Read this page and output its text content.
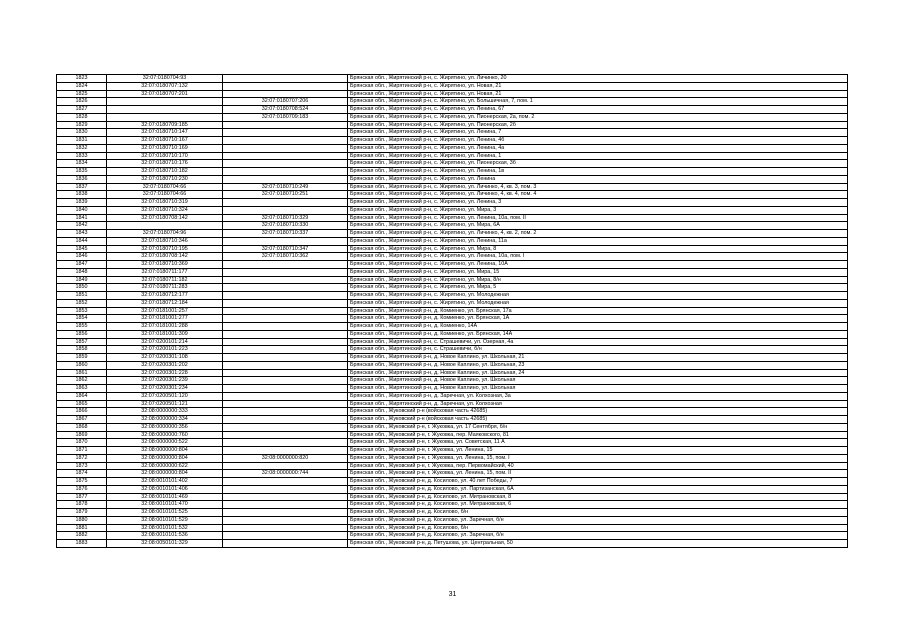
1823	32:07:0180704:93		Брянская обл., Жирятинский р-н, с. Жирятино, ул. Личинко, 20
1824	32:07:0180707:132		Брянская обл., Жирятинский р-н, с. Жирятино, ул. Новая, 21
1825	32:07:0180707:201		Брянская обл., Жирятинский р-н, с. Жирятино, ул. Новая, 21
1826		32:07:0180707:206	Брянская обл., Жирятинский р-н, с. Жирятино, ул. Большичная, 7, пом. 1
1827		32:07:0180708:524	Брянская обл., Жирятинский р-н, с. Жирятино, ул. Ленина, 67
1828		32:07:0180709:183	Брянская обл., Жирятинский р-н, с. Жирятино, ул. Пионерская, 2а, пом. 2
1829	32:07:0180709:185		Брянская обл., Жирятинский р-н, с. Жирятино, ул. Пионерская, 2б
1830	32:07:0180710:147		Брянская обл., Жирятинский р-н, с. Жирятино, ул. Ленина, 7
1831	32:07:0180710:167		Брянская обл., Жирятинский р-н, с. Жирятино, ул. Ленина, 4б
1832	32:07:0180710:169		Брянская обл., Жирятинский р-н, с. Жирятино, ул. Ленина, 4а
1833	32:07:0180710:170		Брянская обл., Жирятинский р-н, с. Жирятино, ул. Ленина, 1
1834	32:07:0180710:176		Брянская обл., Жирятинский р-н, с. Жирятино, ул. Пионерская, 3б
1835	32:07:0180710:182		Брянская обл., Жирятинский р-н, с. Жирятино, ул. Ленина, 1в
1836	32:07:0180710:230		Брянская обл., Жирятинский р-н, с. Жирятино, ул. Ленина
1837	32:07:0180704:66	32:07:0180710:249	Брянская обл., Жирятинский р-н, с. Жирятино, ул. Личинко, 4, кв. 3, пом. 3
1838	32:07:0180704:66	32:07:0180710:251	Брянская обл., Жирятинский р-н, с. Жирятино, ул. Личинко, 4, кв. 4, пом. 4
1839	32:07:0180710:319		Брянская обл., Жирятинский р-н, с. Жирятино, ул. Ленина, 3
1840	32:07:0180710:324		Брянская обл., Жирятинский р-н, с. Жирятино, ул. Мира, 3
1841	32:07:0180708:142	32:07:0180710:329	Брянская обл., Жирятинский р-н, с. Жирятино, ул. Ленина, 10а, пом. II
1842		32:07:0180710:330	Брянская обл., Жирятинский р-н, с. Жирятино, ул. Мира, 6А
1843	32:07:0180704:96	32:07:0180710:337	Брянская обл., Жирятинский р-н, с. Жирятино, ул. Личинко, 4, кв. 2, пом. 2
1844	32:07:0180710:346		Брянская обл., Жирятинский р-н, с. Жирятино, ул. Ленина, 11а
1845	32:07:0180710:195	32:07:0180710:347	Брянская обл., Жирятинский р-н, с. Жирятино, ул. Мира, 8
1846	32:07:0180708:142	32:07:0180710:362	Брянская обл., Жирятинский р-н, с. Жирятино, ул. Ленина, 10а, пом. I
1847	32:07:0180710:369		Брянская обл., Жирятинский р-н, с. Жирятино, ул. Ленина, 10А
1848	32:07:0180711:177		Брянская обл., Жирятинский р-н, с. Жирятино, ул. Мира, 15
1849	32:07:0180711:182		Брянская обл., Жирятинский р-н, с. Жирятино, ул. Мира, 8/н
1850	32:07:0180711:283		Брянская обл., Жирятинский р-н, с. Жирятино, ул. Мира, 5
1851	32:07:0180712:177		Брянская обл., Жирятинский р-н, с. Жирятино, ул. Молодежная
1852	32:07:0180712:184		Брянская обл., Жирятинский р-н, с. Жирятино, ул. Молодежная
1853	32:07:0181001:257		Брянская обл., Жирятинский р-н, д. Комиенко, ул. Брянская, 17а
1854	32:07:0181001:277		Брянская обл., Жирятинский р-н, д. Комиенко, ул. Брянская, 1А
1855	32:07:0181001:288		Брянская обл., Жирятинский р-н, д. Комиенко, 14А
1856	32:07:0181001:309		Брянская обл., Жирятинский р-н, д. Комиенко, ул. Брянская, 14А
1857	32:07:0200101:214		Брянская обл., Жирятинский р-н, с. Страшевичи, ул. Озерная, 4а
1858	32:07:0200101:223		Брянская обл., Жирятинский р-н, с. Страшевичи, б/н
1859	32:07:0200301:108		Брянская обл., Жирятинский р-н, д. Новое Каплино, ул. Школьная, 21
1860	32:07:0200301:202		Брянская обл., Жирятинский р-н, д. Новое Каплино, ул. Школьная, 23
1861	32:07:0200301:228		Брянская обл., Жирятинский р-н, д. Новое Каплино, ул. Школьная, 24
1862	32:07:0200301:239		Брянская обл., Жирятинский р-н, д. Новое Каплино, ул. Школьная
1863	32:07:0200301:234		Брянская обл., Жирятинский р-н, д. Новое Каплино, ул. Школьная
1864	32:07:0200501:120		Брянская обл., Жирятинский р-н, д. Заречная, ул. Колхозная, 3а
1865	32:07:0200501:121		Брянская обл., Жирятинский р-н, д. Заречная, ул. Колхозная
1866	32:08:0000000:333		Брянская обл., Жуковский р-н (войсковая часть 42685)
1867	32:08:0000000:334		Брянская обл., Жуковский р-н (войсковая часть 42685)
1868	32:08:0000000:356		Брянская обл., Жуковский р-н, г. Жуковка, ул. 17 Сентября, б/н
1869	32:08:0000000:760		Брянская обл., Жуковский р-н, г. Жуковка, пер. Маяковского, 81
1870	32:08:0000000:522		Брянская обл., Жуковский р-н, г. Жуковка, ул. Советская, 11 А
1871	32:08:0000000:804		Брянская обл., Жуковский р-н, г. Жуковка, ул. Ленина, 15
1872	32:08:0000000:804	32:08:0000000:820	Брянская обл., Жуковский р-н, г. Жуковка, ул. Ленина, 15, пом. I
1873	32:08:0000000:622		Брянская обл., Жуковский р-н, г. Жуковка, пер. Первомайский, 40
1874	32:08:0000000:804	32:08:0000000:744	Брянская обл., Жуковский р-н, г. Жуковка, ул. Ленина, 15, пом. II
1875	32:08:0010101:402		Брянская обл., Жуковский р-н, д. Косилово, ул. 40 лет Победы, 7
1876	32:08:0010101:406		Брянская обл., Жуковский р-н, д. Косилово, ул. Партизанская, 6А
1877	32:08:0010101:469		Брянская обл., Жуковский р-н, д. Косилово, ул. Митрановская, 8
1878	32:08:0010101:470		Брянская обл., Жуковский р-н, д. Косилово, ул. Митрановская, 6
1879	32:08:0010101:525		Брянская обл., Жуковский р-н, д. Косилово, б/н
1880	32:08:0010101:529		Брянская обл., Жуковский р-н, д. Косилово, ул. Заречная, б/н
1881	32:08:0010101:532		Брянская обл., Жуковский р-н, д. Косилово, б/н
1882	32:08:0010101:536		Брянская обл., Жуковский р-н, д. Косилово, ул. Заречная, б/н
1883	32:08:0050101:329		Брянская обл., Жуковский р-н, д. Петушова, ул. Центральная, 50
31
